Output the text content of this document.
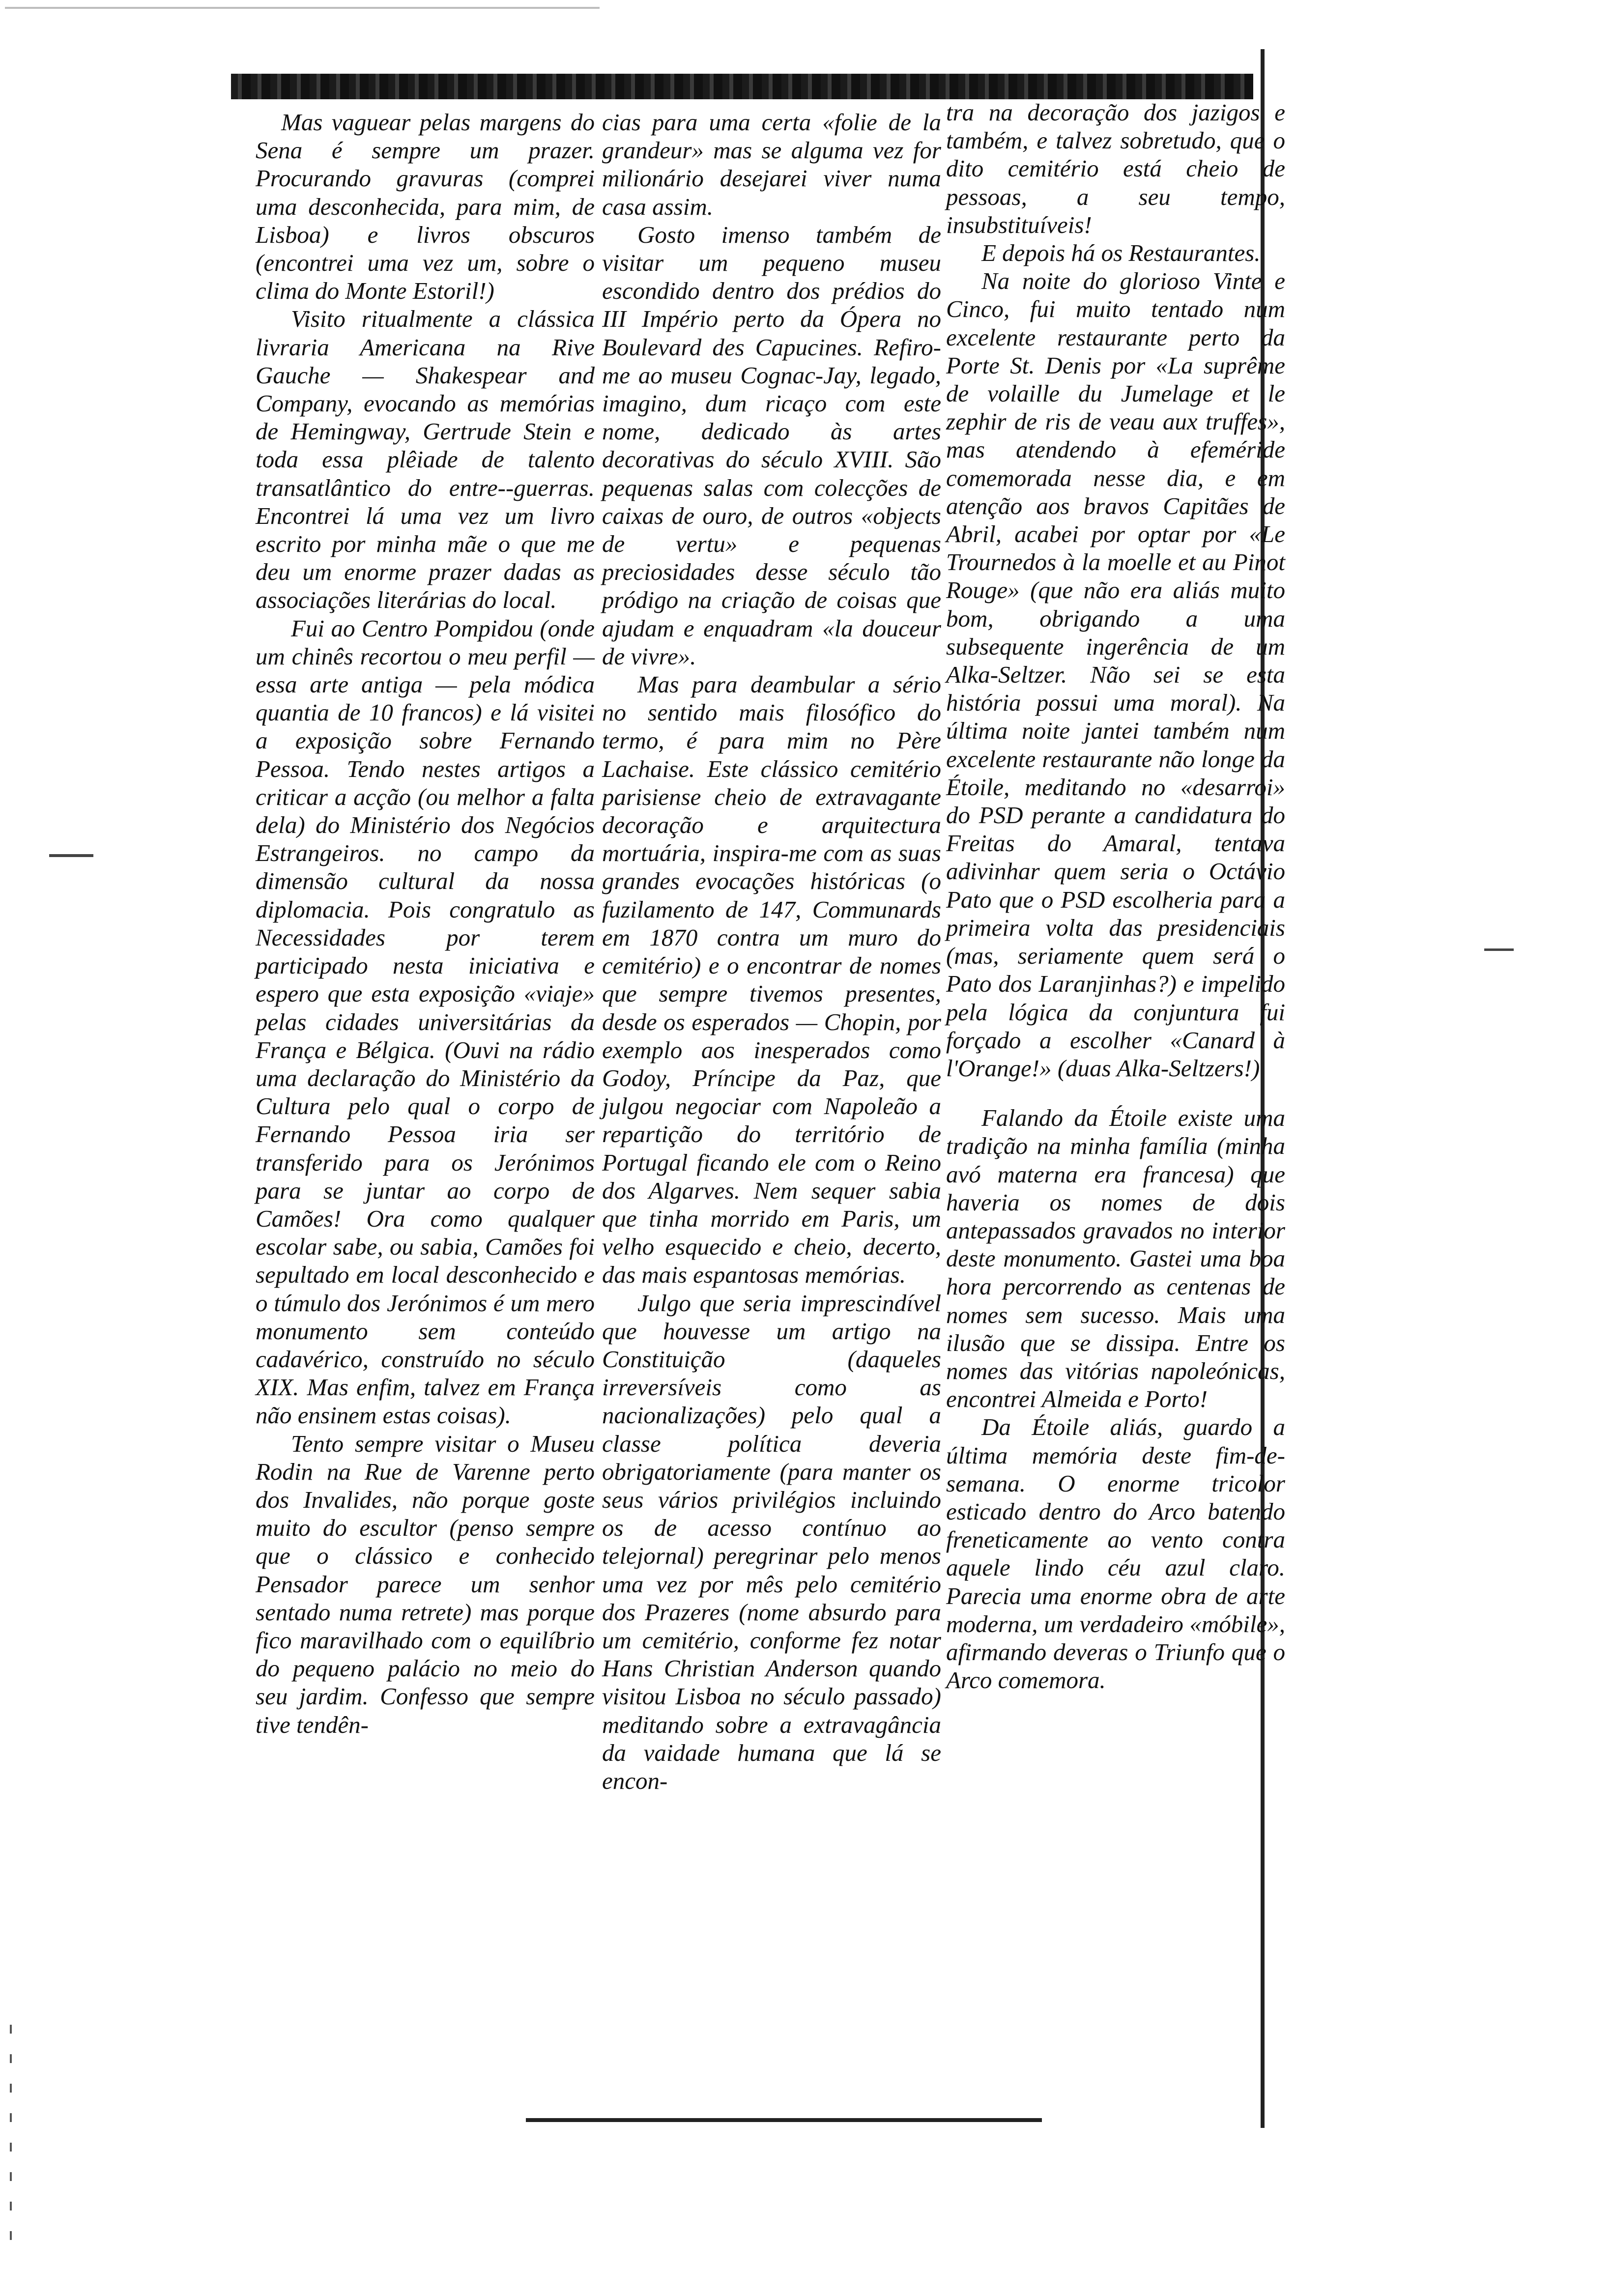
Mas vaguear pelas margens do Sena é sempre um prazer. Procurando gravuras (comprei uma desconhecida, para mim, de Lisboa) e livros obscuros (encontrei uma vez um, sobre o clima do Monte Estoril!)

Visito ritualmente a clássica livraria Americana na Rive Gauche — Shakespear and Company, evocando as memórias de Hemingway, Gertrude Stein e toda essa plêiade de talento transatlântico do entre--guerras. Encontrei lá uma vez um livro escrito por minha mãe o que me deu um enorme prazer dadas as associações literárias do local.

Fui ao Centro Pompidou (onde um chinês recortou o meu perfil — essa arte antiga — pela módica quantia de 10 francos) e lá visitei a exposição sobre Fernando Pessoa. Tendo nestes artigos a criticar a acção (ou melhor a falta dela) do Ministério dos Negócios Estrangeiros. no campo da dimensão cultural da nossa diplomacia. Pois congratulo as Necessidades por terem participado nesta iniciativa e espero que esta exposição «viaje» pelas cidades universitárias da França e Bélgica. (Ouvi na rádio uma declaração do Ministério da Cultura pelo qual o corpo de Fernando Pessoa iria ser transferido para os Jerónimos para se juntar ao corpo de Camões! Ora como qualquer escolar sabe, ou sabia, Camões foi sepultado em local desconhecido e o túmulo dos Jerónimos é um mero monumento sem conteúdo cadavérico, construído no século XIX. Mas enfim, talvez em França não ensinem estas coisas).

Tento sempre visitar o Museu Rodin na Rue de Varenne perto dos Invalides, não porque goste muito do escultor (penso sempre que o clássico e conhecido Pensador parece um senhor sentado numa retrete) mas porque fico maravilhado com o equilíbrio do pequeno palácio no meio do seu jardim. Confesso que sempre tive tendên-

cias para uma certa «folie de la grandeur» mas se alguma vez for milionário desejarei viver numa casa assim.

Gosto imenso também de visitar um pequeno museu escondido dentro dos prédios do III Império perto da Ópera no Boulevard des Capucines. Refiro-me ao museu Cognac-Jay, legado, imagino, dum ricaço com este nome, dedicado às artes decorativas do século XVIII. São pequenas salas com colecções de caixas de ouro, de outros «objects de vertu» e pequenas preciosidades desse século tão pródigo na criação de coisas que ajudam e enquadram «la douceur de vivre».

Mas para deambular a sério no sentido mais filosófico do termo, é para mim no Père Lachaise. Este clássico cemitério parisiense cheio de extravagante decoração e arquitectura mortuária, inspira-me com as suas grandes evocações históricas (o fuzilamento de 147, Communards em 1870 contra um muro do cemitério) e o encontrar de nomes que sempre tivemos presentes, desde os esperados — Chopin, por exemplo aos inesperados como Godoy, Príncipe da Paz, que julgou negociar com Napoleão a repartição do território de Portugal ficando ele com o Reino dos Algarves. Nem sequer sabia que tinha morrido em Paris, um velho esquecido e cheio, decerto, das mais espantosas memórias.

Julgo que seria imprescindível que houvesse um artigo na Constituição (daqueles irreversíveis como as nacionalizações) pelo qual a classe política deveria obrigatoriamente (para manter os seus vários privilégios incluindo os de acesso contínuo ao telejornal) peregrinar pelo menos uma vez por mês pelo cemitério dos Prazeres (nome absurdo para um cemitério, conforme fez notar Hans Christian Anderson quando visitou Lisboa no século passado) meditando sobre a extravagância da vaidade humana que lá se encon-

tra na decoração dos jazigos e também, e talvez sobretudo, que o dito cemitério está cheio de pessoas, a seu tempo, insubstituíveis!

E depois há os Restaurantes.

Na noite do glorioso Vinte e Cinco, fui muito tentado num excelente restaurante perto da Porte St. Denis por «La suprême de volaille du Jumelage et le zephir de ris de veau aux truffes», mas atendendo à efeméride comemorada nesse dia, e em atenção aos bravos Capitães de Abril, acabei por optar por «Le Trournedos à la moelle et au Pinot Rouge» (que não era aliás muito bom, obrigando a uma subsequente ingerência de um Alka-Seltzer. Não sei se esta história possui uma moral). Na última noite jantei também num excelente restaurante não longe da Étoile, meditando no «desarroi» do PSD perante a candidatura do Freitas do Amaral, tentava adivinhar quem seria o Octávio Pato que o PSD escolheria para a primeira volta das presidenciais (mas, seriamente quem será o Pato dos Laranjinhas?) e impelido pela lógica da conjuntura fui forçado a escolher «Canard à l'Orange!» (duas Alka-Seltzers!)

Falando da Étoile existe uma tradição na minha família (minha avó materna era francesa) que haveria os nomes de dois antepassados gravados no interior deste monumento. Gastei uma boa hora percorrendo as centenas de nomes sem sucesso. Mais uma ilusão que se dissipa. Entre os nomes das vitórias napoleónicas, encontrei Almeida e Porto!

Da Étoile aliás, guardo a última memória deste fim-de-semana. O enorme tricolor esticado dentro do Arco batendo freneticamente ao vento contra aquele lindo céu azul claro. Parecia uma enorme obra de arte moderna, um verdadeiro «móbile», afirmando deveras o Triunfo que o Arco comemora.
